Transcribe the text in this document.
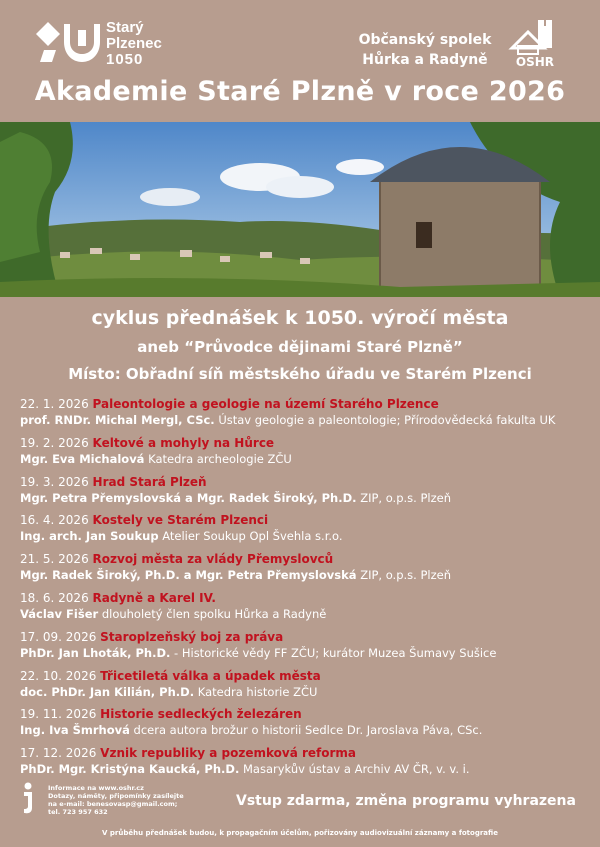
Starý
Plzenec
1050
Občanský spolek
Hůrka a Radyně	OSHR
Akademie Staré Plzně v roce 2026
cyklus přednášek k 1050. výročí města
aneb “Průvodce dějinami Staré Plzně”
Místo: Obřadní síň městského úřadu ve Starém Plzenci
22. 1. 2026 Paleontologie a geologie na území Starého Plzence
prof. RNDr. Michal Mergl, CSc. Ústav geologie a paleontologie; Přírodovědecká fakulta UK
19. 2. 2026 Keltové a mohyly na Hůrce
Mgr. Eva Michalová Katedra archeologie ZČU
19. 3. 2026 Hrad Stará Plzeň
Mgr. Petra Přemyslovská a Mgr. Radek Široký, Ph.D. ZIP, o.p.s. Plzeň
16. 4. 2026 Kostely ve Starém Plzenci
Ing. arch. Jan Soukup Atelier Soukup Opl Švehla s.r.o.
21. 5. 2026 Rozvoj města za vlády Přemyslovců
Mgr. Radek Široký, Ph.D. a Mgr. Petra Přemyslovská ZIP, o.p.s. Plzeň
18. 6. 2026 Radyně a Karel IV.
Václav Fišer dlouholetý člen spolku Hůrka a Radyně
17. 09. 2026 Staroplzeňský boj za práva
PhDr. Jan Lhoták, Ph.D. - Historické vědy FF ZČU; kurátor Muzea Šumavy Sušice
22. 10. 2026 Třicetiletá válka a úpadek města
doc. PhDr. Jan Kilián, Ph.D. Katedra historie ZČU
19. 11. 2026 Historie sedleckých železáren
Ing. Iva Šmrhová dcera autora brožur o historii Sedlce Dr. Jaroslava Páva, CSc.
17. 12. 2026 Vznik republiky a pozemková reforma
PhDr. Mgr. Kristýna Kaucká, Ph.D. Masarykův ústav a Archiv AV ČR, v. v. i.
Informace na www.oshr.cz
Dotazy, náměty, připomínky zasílejte
na e-mail: benesovasp@gmail.com;
tel. 723 957 632
Vstup zdarma, změna programu vyhrazena
V průběhu přednášek budou, k propagačním účelům, pořizovány audiovizuální záznamy a fotografie
